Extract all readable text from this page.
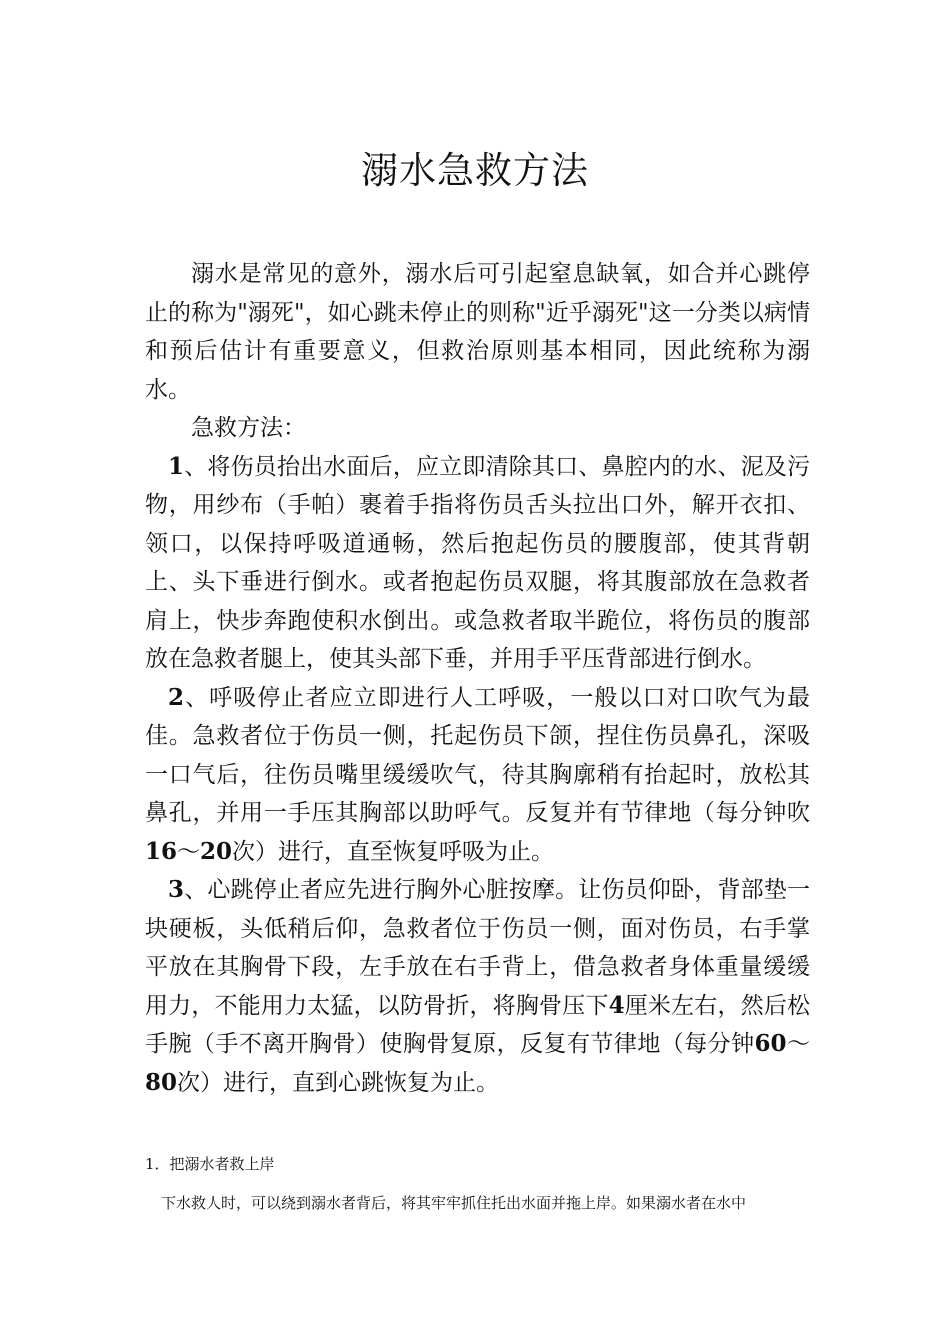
溺水急救方法

溺水是常见的意外，溺水后可引起窒息缺氧，如合并心跳停止的称为"溺死"，如心跳未停止的则称"近乎溺死"这一分类以病情和预后估计有重要意义，但救治原则基本相同，因此统称为溺水。

急救方法：

1、将伤员抬出水面后，应立即清除其口、鼻腔内的水、泥及污物，用纱布（手帕）裹着手指将伤员舌头拉出口外，解开衣扣、领口，以保持呼吸道通畅，然后抱起伤员的腰腹部，使其背朝上、头下垂进行倒水。或者抱起伤员双腿，将其腹部放在急救者肩上，快步奔跑使积水倒出。或急救者取半跪位，将伤员的腹部放在急救者腿上，使其头部下垂，并用手平压背部进行倒水。

2、呼吸停止者应立即进行人工呼吸，一般以口对口吹气为最佳。急救者位于伤员一侧，托起伤员下颌，捏住伤员鼻孔，深吸一口气后，往伤员嘴里缓缓吹气，待其胸廓稍有抬起时，放松其鼻孔，并用一手压其胸部以助呼气。反复并有节律地（每分钟吹16～20次）进行，直至恢复呼吸为止。

3、心跳停止者应先进行胸外心脏按摩。让伤员仰卧，背部垫一块硬板，头低稍后仰，急救者位于伤员一侧，面对伤员，右手掌平放在其胸骨下段，左手放在右手背上，借急救者身体重量缓缓用力，不能用力太猛，以防骨折，将胸骨压下4厘米左右，然后松手腕（手不离开胸骨）使胸骨复原，反复有节律地（每分钟60～80次）进行，直到心跳恢复为止。

1．把溺水者救上岸

下水救人时，可以绕到溺水者背后，将其牢牢抓住托出水面并拖上岸。如果溺水者在水中
